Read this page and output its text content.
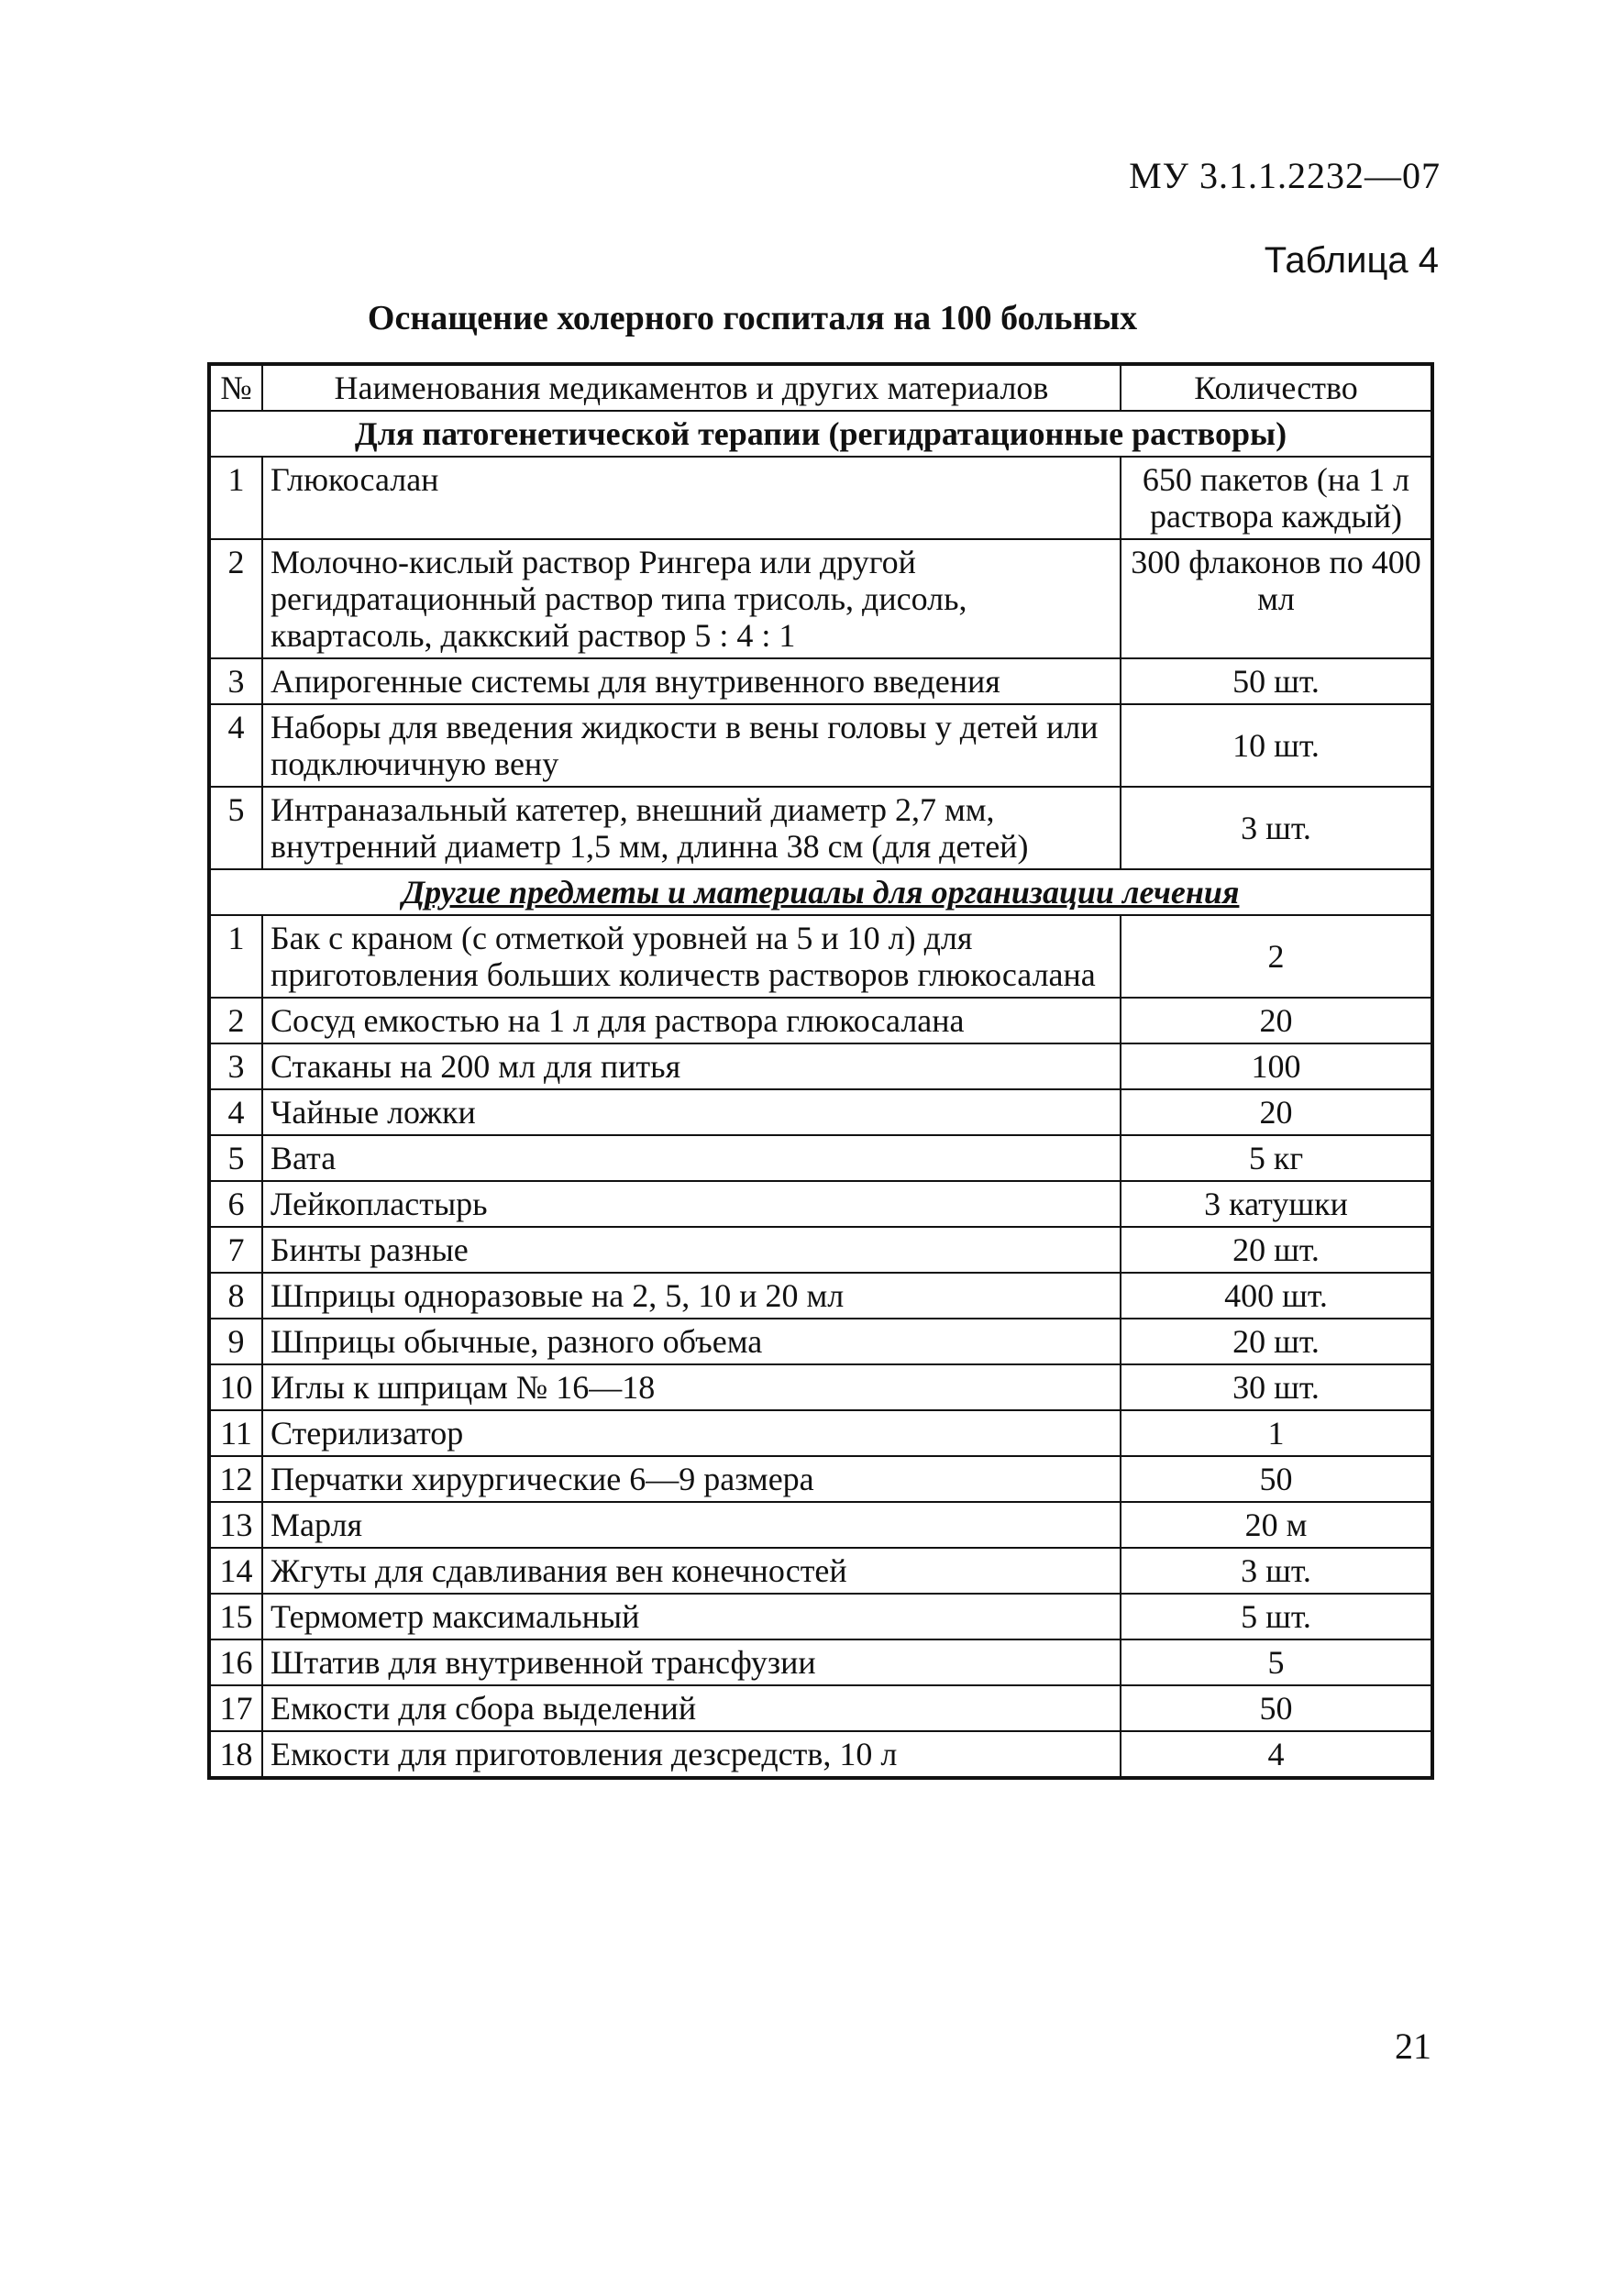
МУ 3.1.1.2232—07
Таблица 4
Оснащение холерного госпиталя на 100 больных
№	Наименования медикаментов и других материалов	Количество
Для патогенетической терапии (регидратационные растворы)		
1	Глюкосалан	650 пакетов (на 1 л раствора каждый)
2	Молочно-кислый раствор Рингера или другой регидратационный раствор типа трисоль, дисоль, квартасоль, даккский раствор 5 : 4 : 1	300 флаконов по 400 мл
3	Апирогенные системы для внутривенного введения	50 шт.
4	Наборы для введения жидкости в вены головы у детей или подключичную вену	10 шт.
5	Интраназальный катетер, внешний диаметр 2,7 мм, внутренний диаметр 1,5 мм, длинна 38 см (для детей)	3 шт.
Другие предметы и материалы для организации лечения		
1	Бак с краном (с отметкой уровней на 5 и 10 л) для приготовления больших количеств растворов глюкосалана	2
2	Сосуд емкостью на 1 л для раствора глюкосалана	20
3	Стаканы на 200 мл для питья	100
4	Чайные ложки	20
5	Вата	5 кг
6	Лейкопластырь	3 катушки
7	Бинты разные	20 шт.
8	Шприцы одноразовые на 2, 5, 10 и 20 мл	400 шт.
9	Шприцы обычные, разного объема	20 шт.
10	Иглы к шприцам № 16—18	30 шт.
11	Стерилизатор	1
12	Перчатки хирургические 6—9 размера	50
13	Марля	20 м
14	Жгуты для сдавливания вен конечностей	3 шт.
15	Термометр максимальный	5 шт.
16	Штатив для внутривенной трансфузии	5
17	Емкости для сбора выделений	50
18	Емкости для приготовления дезсредств, 10 л	4
21
